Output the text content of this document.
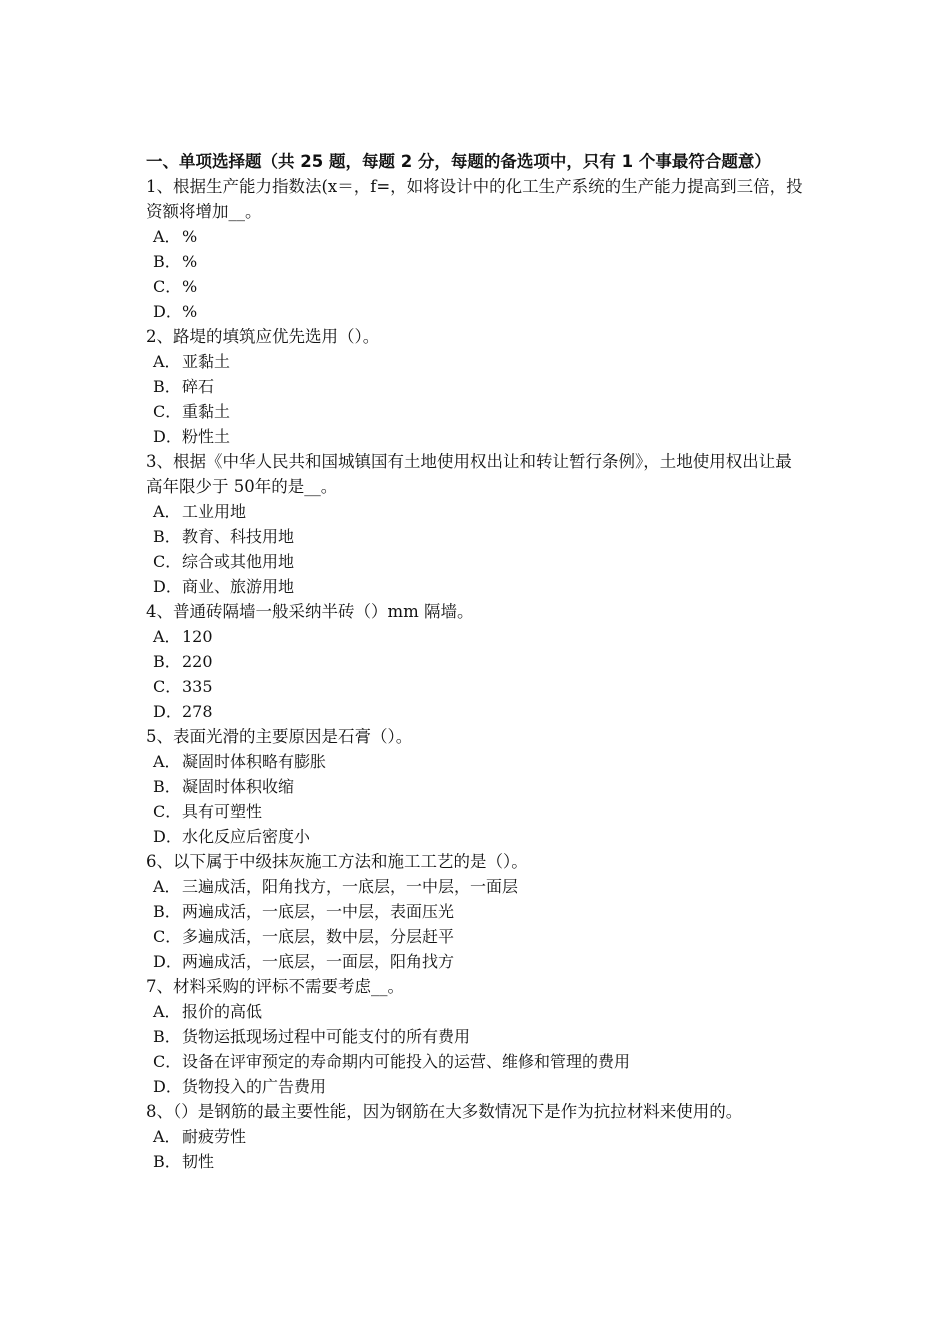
一、单项选择题（共 25 题，每题 2 分，每题的备选项中，只有 1 个事最符合题意）

1、根据生产能力指数法(x＝，f=，如将设计中的化工生产系统的生产能力提高到三倍，投资额将增加__。

A．%
B．%
C．%
D．%

2、路堤的填筑应优先选用（）。

A．亚黏土
B．碎石
C．重黏土
D．粉性土

3、根据《中华人民共和国城镇国有土地使用权出让和转让暂行条例》，土地使用权出让最高年限少于 50年的是__。

A．工业用地
B．教育、科技用地
C．综合或其他用地
D．商业、旅游用地

4、普通砖隔墙一般采纳半砖（）mm 隔墙。

A．120
B．220
C．335
D．278

5、表面光滑的主要原因是石膏（）。

A．凝固时体积略有膨胀
B．凝固时体积收缩
C．具有可塑性
D．水化反应后密度小

6、以下属于中级抹灰施工方法和施工工艺的是（）。

A．三遍成活，阳角找方，一底层，一中层，一面层
B．两遍成活，一底层，一中层，表面压光
C．多遍成活，一底层，数中层，分层赶平
D．两遍成活，一底层，一面层，阳角找方

7、材料采购的评标不需要考虑__。

A．报价的高低
B．货物运抵现场过程中可能支付的所有费用
C．设备在评审预定的寿命期内可能投入的运营、维修和管理的费用
D．货物投入的广告费用

8、（）是钢筋的最主要性能，因为钢筋在大多数情况下是作为抗拉材料来使用的。

A．耐疲劳性
B．韧性
